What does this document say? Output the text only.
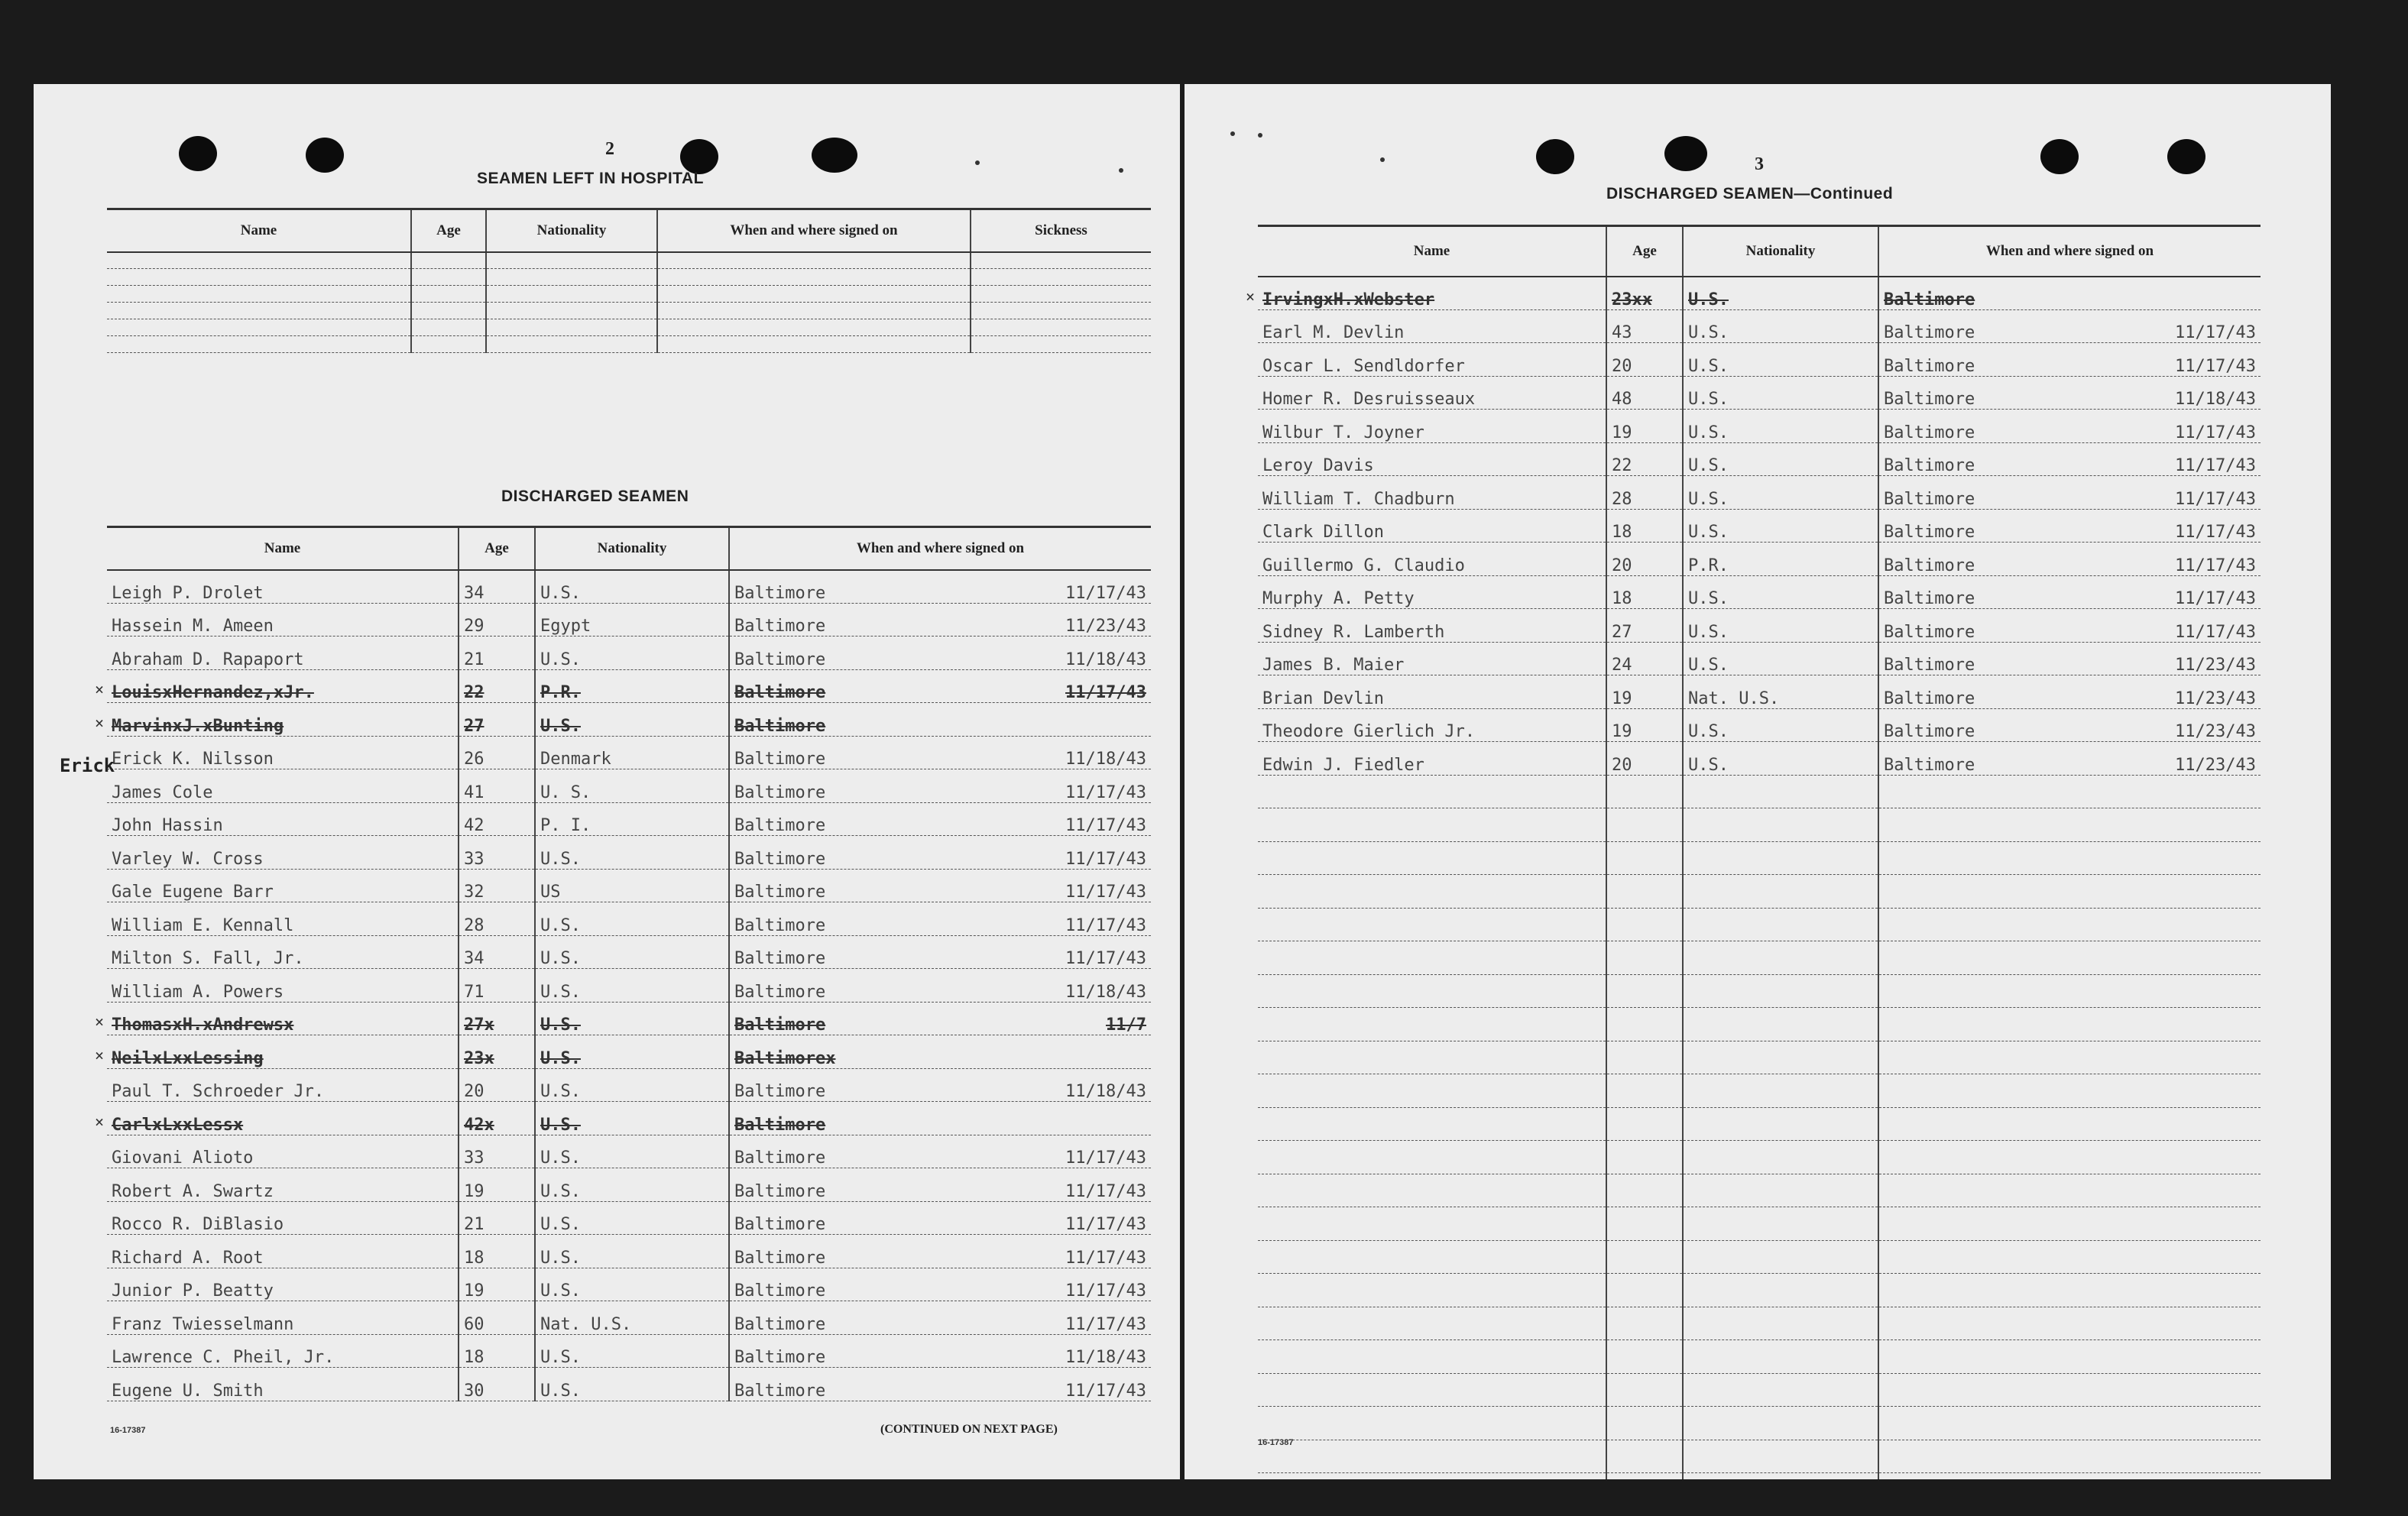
2
SEAMEN LEFT IN HOSPITAL
Name	Age	Nationality	When and where signed on	Sickness

DISCHARGED SEAMEN
Name	Age	Nationality	When and where signed on
Leigh P. Drolet	34	U.S.	Baltimore 11/17/43

Hassein M. Ameen	29	Egypt	Baltimore 11/23/43

Abraham D. Rapaport	21	U.S.	Baltimore 11/18/43

LouisxHernandez,xJr.	22	P.R.	Baltimore 11/17/43

MarvinxJ.xBunting	27	U.S.	Baltimore

Erick K. Nilsson	26	Denmark	Baltimore 11/18/43

James Cole	41	U. S.	Baltimore 11/17/43

John Hassin	42	P. I.	Baltimore 11/17/43

Varley W. Cross	33	U.S.	Baltimore 11/17/43

Gale Eugene Barr	32	US	Baltimore 11/17/43

William E. Kennall	28	U.S.	Baltimore 11/17/43

Milton S. Fall, Jr.	34	U.S.	Baltimore 11/17/43

William A. Powers	71	U.S.	Baltimore 11/18/43

ThomasxH.xAndrewsx	27x	U.S.	Baltimore 11/7

NeilxLxxLessing	23x	U.S.	Baltimorex

Paul T. Schroeder Jr.	20	U.S.	Baltimore 11/18/43

CarlxLxxLessx	42x	U.S.	Baltimore

Giovani Alioto	33	U.S.	Baltimore 11/17/43

Robert A. Swartz	19	U.S.	Baltimore 11/17/43

Rocco R. DiBlasio	21	U.S.	Baltimore 11/17/43

Richard A. Root	18	U.S.	Baltimore 11/17/43

Junior P. Beatty	19	U.S.	Baltimore 11/17/43

Franz Twiesselmann	60	Nat. U.S.	Baltimore 11/17/43

Lawrence C. Pheil, Jr.	18	U.S.	Baltimore 11/18/43

Eugene U. Smith	30	U.S.	Baltimore 11/17/43
Erick
16-17387	(CONTINUED ON NEXT PAGE)
×
×
×
×
×
3
DISCHARGED SEAMEN—Continued
Name	Age	Nationality	When and where signed on
IrvingxH.xWebster	23xx	U.S.	Baltimore

Earl M. Devlin	43	U.S.	Baltimore 11/17/43

Oscar L. Sendldorfer	20	U.S.	Baltimore 11/17/43

Homer R. Desruisseaux	48	U.S.	Baltimore 11/18/43

Wilbur T. Joyner	19	U.S.	Baltimore 11/17/43

Leroy Davis	22	U.S.	Baltimore 11/17/43

William T. Chadburn	28	U.S.	Baltimore 11/17/43

Clark Dillon	18	U.S.	Baltimore 11/17/43

Guillermo G. Claudio	20	P.R.	Baltimore 11/17/43

Murphy A. Petty	18	U.S.	Baltimore 11/17/43

Sidney R. Lamberth	27	U.S.	Baltimore 11/17/43

James B. Maier	24	U.S.	Baltimore 11/23/43

Brian Devlin	19	Nat. U.S.	Baltimore 11/23/43

Theodore Gierlich Jr.	19	U.S.	Baltimore 11/23/43

Edwin J. Fiedler	20	U.S.	Baltimore 11/23/43

16-17387
×
